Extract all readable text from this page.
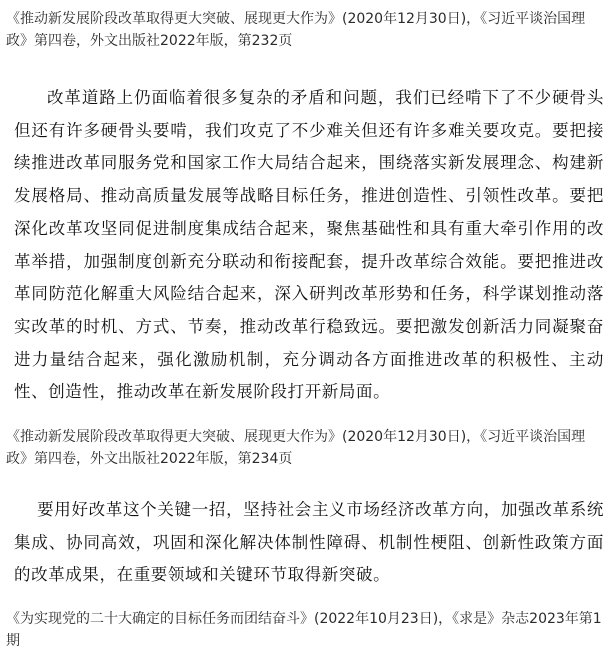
《推动新发展阶段改革取得更大突破、展现更大作为》(2020年12月30日)，《习近平谈治国理政》第四卷，外文出版社2022年版，第232页
改革道路上仍面临着很多复杂的矛盾和问题，我们已经啃下了不少硬骨头但还有许多硬骨头要啃，我们攻克了不少难关但还有许多难关要攻克。要把接续推进改革同服务党和国家工作大局结合起来，围绕落实新发展理念、构建新发展格局、推动高质量发展等战略目标任务，推进创造性、引领性改革。要把深化改革攻坚同促进制度集成结合起来，聚焦基础性和具有重大牵引作用的改革举措，加强制度创新充分联动和衔接配套，提升改革综合效能。要把推进改革同防范化解重大风险结合起来，深入研判改革形势和任务，科学谋划推动落实改革的时机、方式、节奏，推动改革行稳致远。要把激发创新活力同凝聚奋进力量结合起来，强化激励机制，充分调动各方面推进改革的积极性、主动性、创造性，推动改革在新发展阶段打开新局面。
《推动新发展阶段改革取得更大突破、展现更大作为》(2020年12月30日)，《习近平谈治国理政》第四卷，外文出版社2022年版，第234页
要用好改革这个关键一招，坚持社会主义市场经济改革方向，加强改革系统集成、协同高效，巩固和深化解决体制性障碍、机制性梗阻、创新性政策方面的改革成果，在重要领域和关键环节取得新突破。
《为实现党的二十大确定的目标任务而团结奋斗》(2022年10月23日)，《求是》杂志2023年第1期
